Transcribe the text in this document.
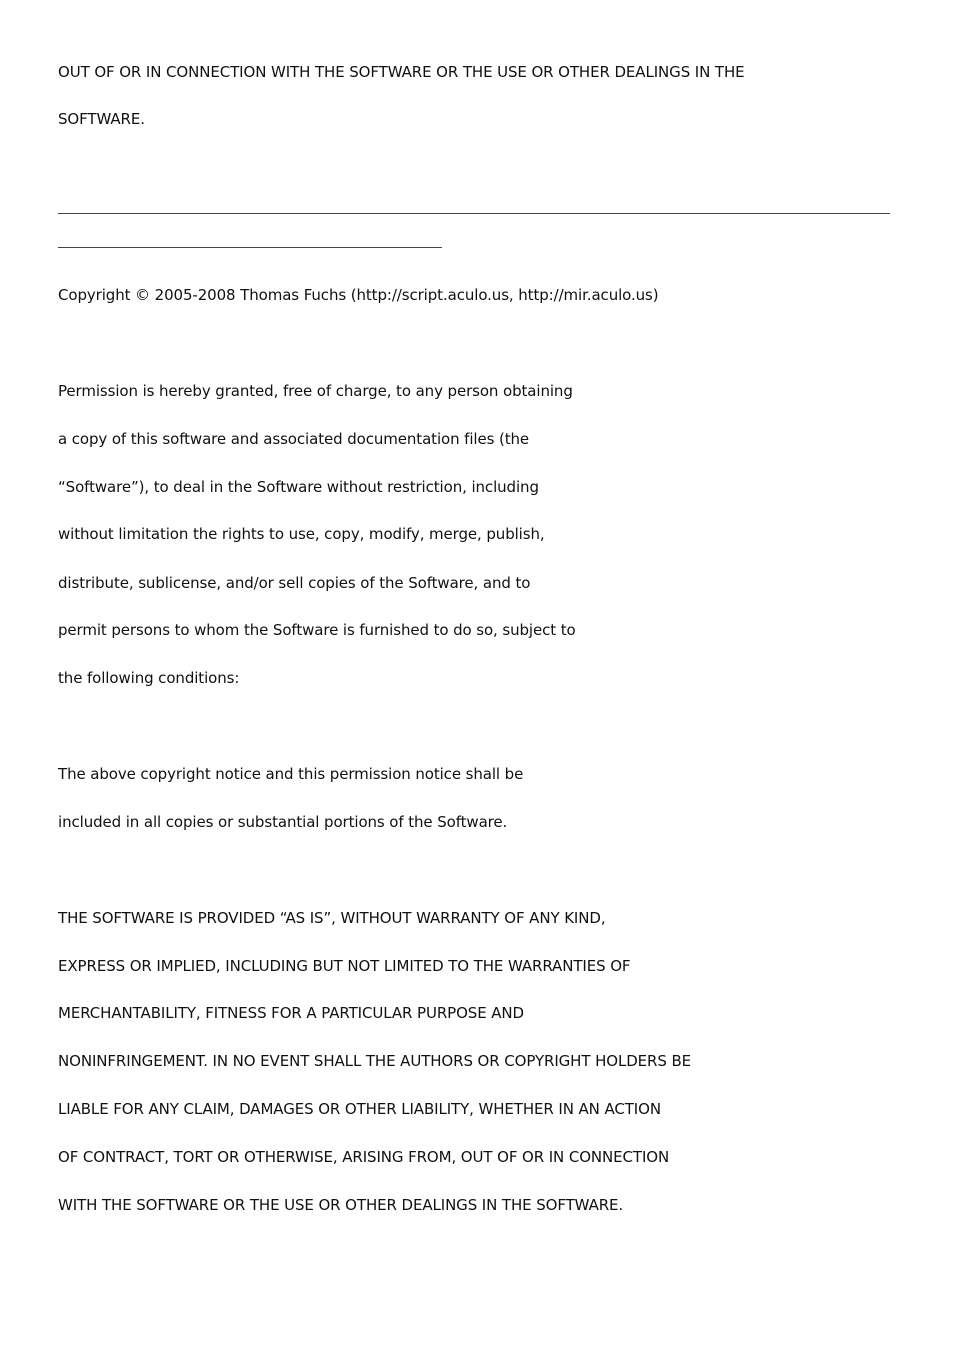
OUT OF OR IN CONNECTION WITH THE SOFTWARE OR THE USE OR OTHER DEALINGS IN THE
SOFTWARE.
Copyright © 2005-2008 Thomas Fuchs (http://script.aculo.us, http://mir.aculo.us)
Permission is hereby granted, free of charge, to any person obtaining
a copy of this software and associated documentation files (the
“Software”), to deal in the Software without restriction, including
without limitation the rights to use, copy, modify, merge, publish,
distribute, sublicense, and/or sell copies of the Software, and to
permit persons to whom the Software is furnished to do so, subject to
the following conditions:
The above copyright notice and this permission notice shall be
included in all copies or substantial portions of the Software.
THE SOFTWARE IS PROVIDED “AS IS”, WITHOUT WARRANTY OF ANY KIND,
EXPRESS OR IMPLIED, INCLUDING BUT NOT LIMITED TO THE WARRANTIES OF
MERCHANTABILITY, FITNESS FOR A PARTICULAR PURPOSE AND
NONINFRINGEMENT. IN NO EVENT SHALL THE AUTHORS OR COPYRIGHT HOLDERS BE
LIABLE FOR ANY CLAIM, DAMAGES OR OTHER LIABILITY, WHETHER IN AN ACTION
OF CONTRACT, TORT OR OTHERWISE, ARISING FROM, OUT OF OR IN CONNECTION
WITH THE SOFTWARE OR THE USE OR OTHER DEALINGS IN THE SOFTWARE.
